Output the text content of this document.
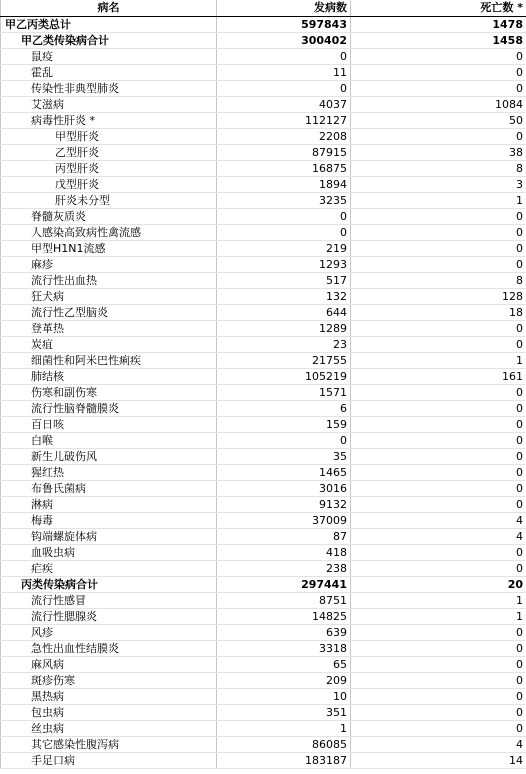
病名	发病数	死亡数 *
甲乙丙类总计	597843	1478
甲乙类传染病合计	300402	1458
鼠疫	0	0
霍乱	11	0
传染性非典型肺炎	0	0
艾滋病	4037	1084
病毒性肝炎 *	112127	50
甲型肝炎	2208	0
乙型肝炎	87915	38
丙型肝炎	16875	8
戊型肝炎	1894	3
肝炎未分型	3235	1
脊髓灰质炎	0	0
人感染高致病性禽流感	0	0
甲型H1N1流感	219	0
麻疹	1293	0
流行性出血热	517	8
狂犬病	132	128
流行性乙型脑炎	644	18
登革热	1289	0
炭疽	23	0
细菌性和阿米巴性痢疾	21755	1
肺结核	105219	161
伤寒和副伤寒	1571	0
流行性脑脊髓膜炎	6	0
百日咳	159	0
白喉	0	0
新生儿破伤风	35	0
猩红热	1465	0
布鲁氏菌病	3016	0
淋病	9132	0
梅毒	37009	4
钩端螺旋体病	87	4
血吸虫病	418	0
疟疾	238	0
丙类传染病合计	297441	20
流行性感冒	8751	1
流行性腮腺炎	14825	1
风疹	639	0
急性出血性结膜炎	3318	0
麻风病	65	0
斑疹伤寒	209	0
黑热病	10	0
包虫病	351	0
丝虫病	1	0
其它感染性腹泻病	86085	4
手足口病	183187	14
